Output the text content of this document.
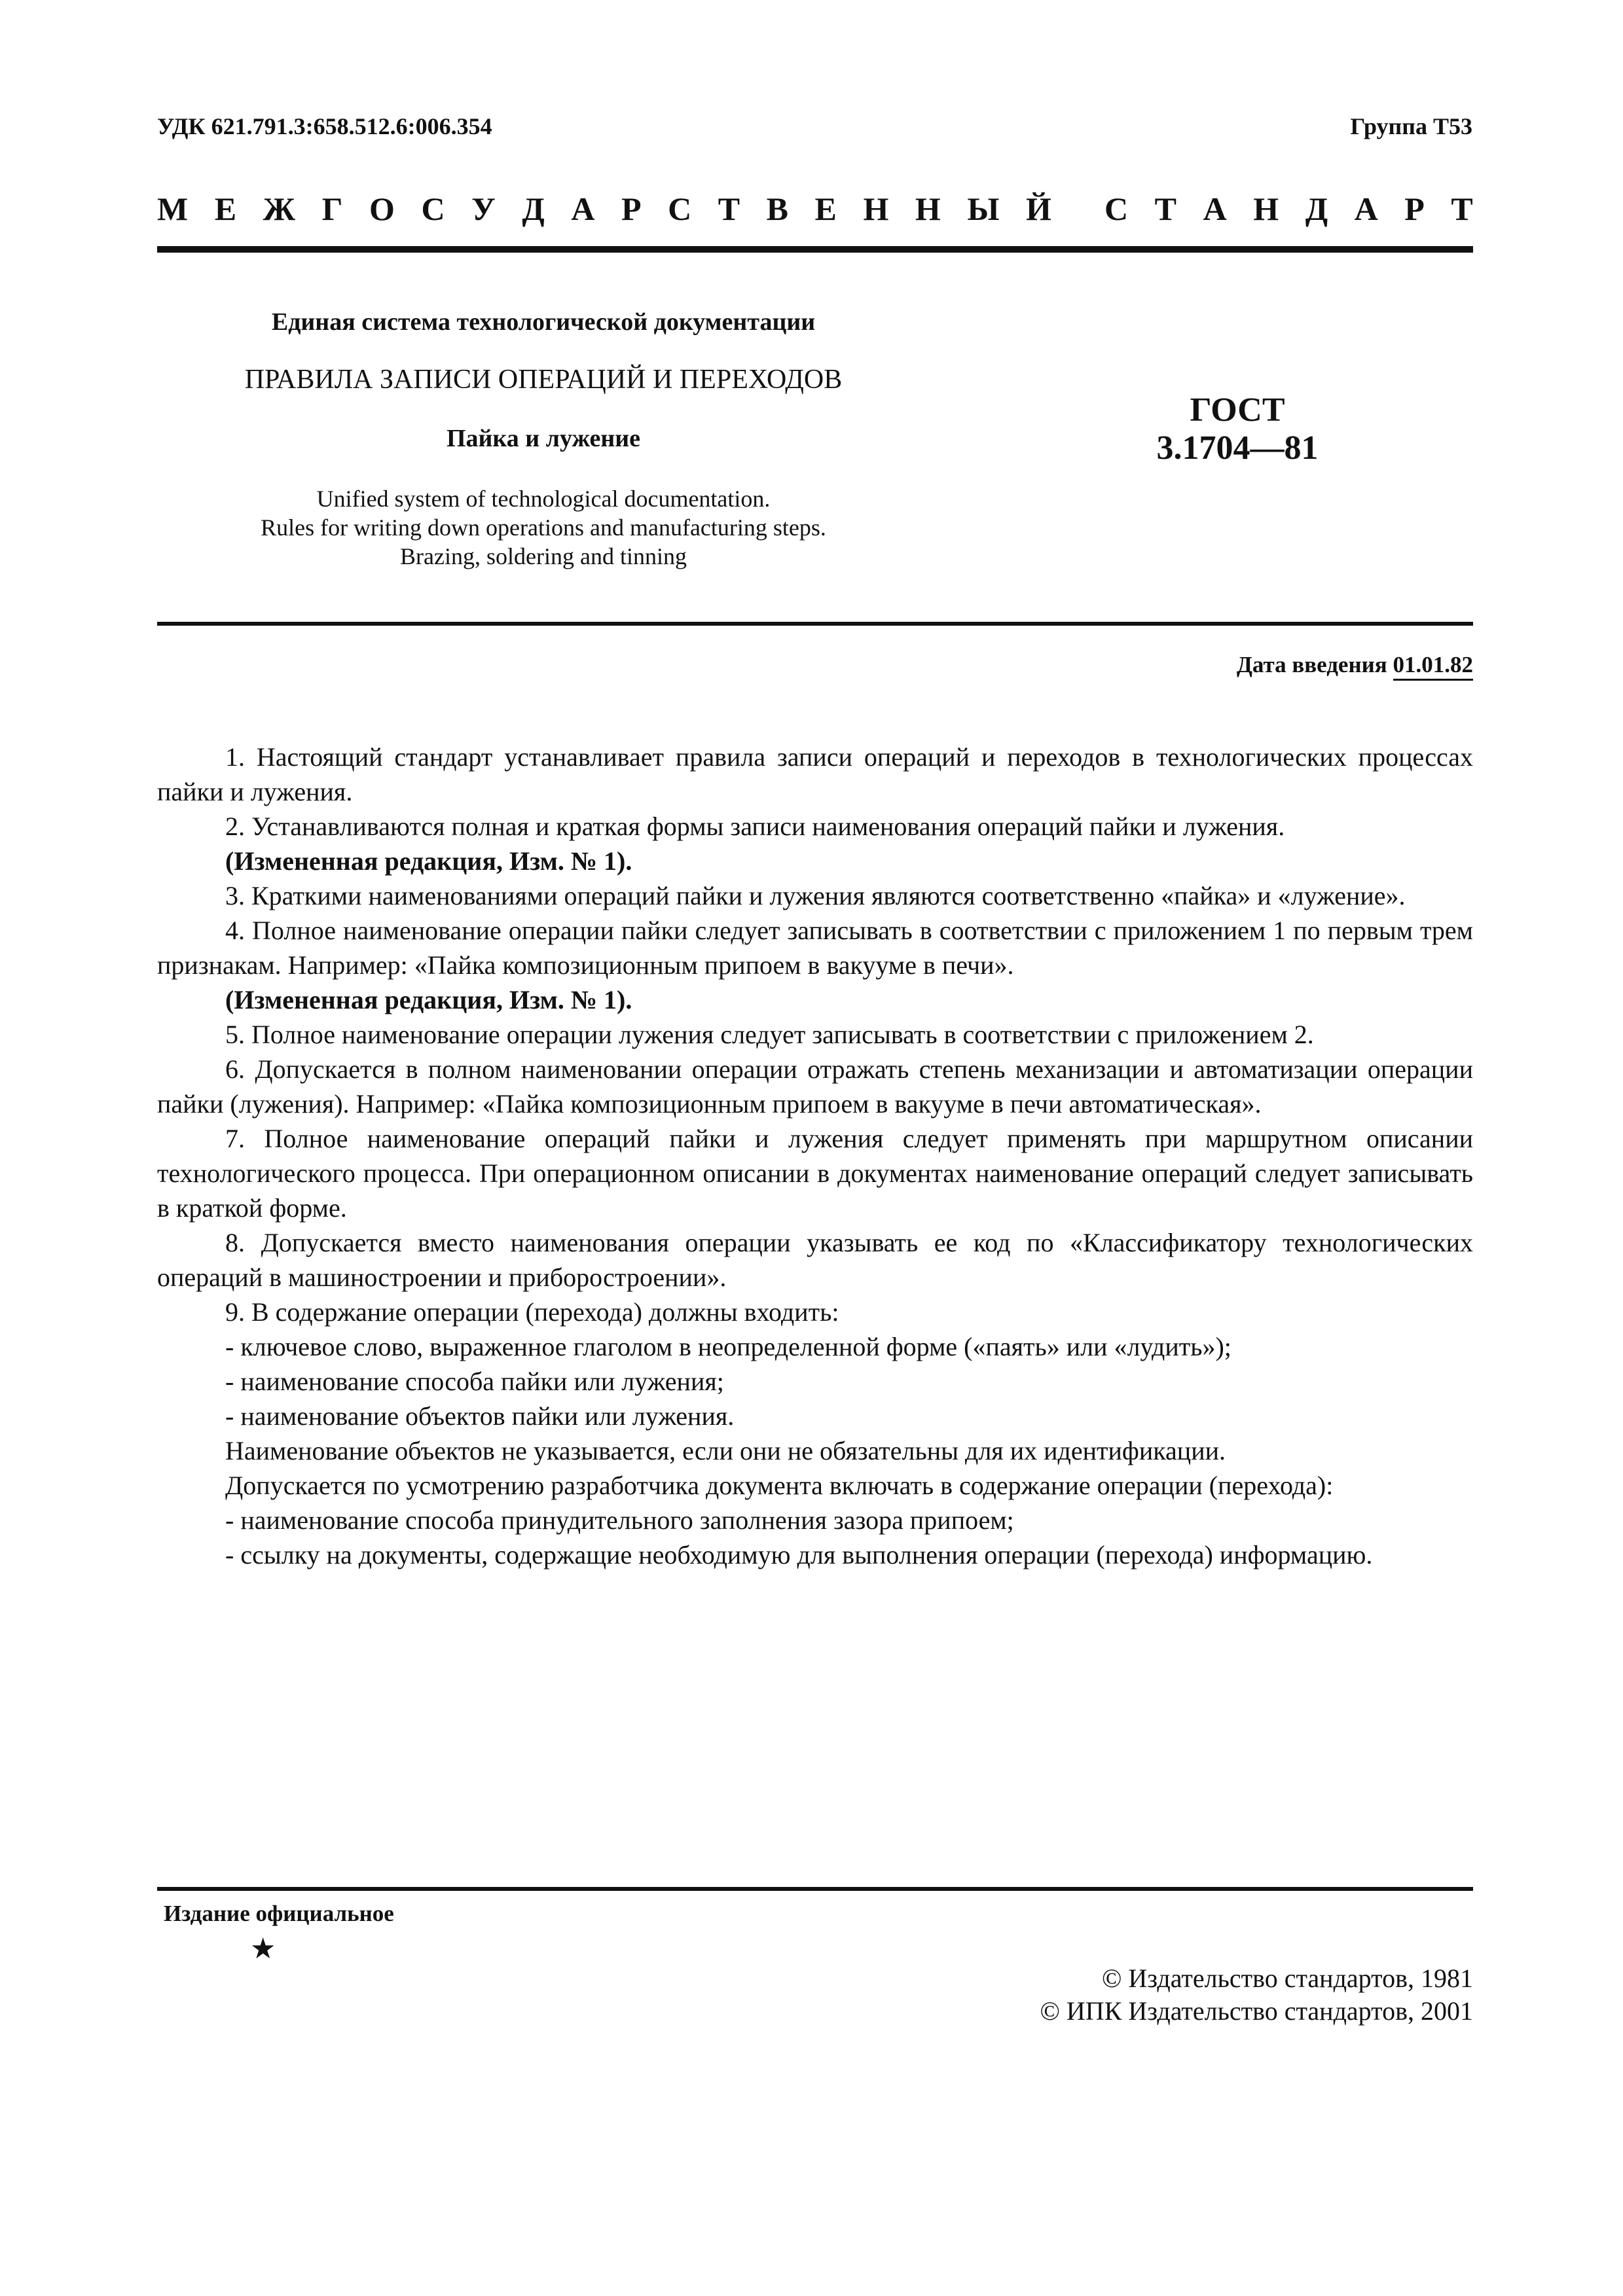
УДК 621.791.3:658.512.6:006.354	Группа Т53
М Е Ж Г О С У Д А Р С Т В Е Н Н Ы Й С Т А Н Д А Р Т
Единая система технологической документации
ПРАВИЛА ЗАПИСИ ОПЕРАЦИЙ И ПЕРЕХОДОВ
Пайка и лужение
Unified system of technological documentation.
Rules for writing down operations and manufacturing steps.
Brazing, soldering and tinning
ГОСТ
3.1704—81
Дата введения 01.01.82

1. Настоящий стандарт устанавливает правила записи операций и переходов в технологических процессах пайки и лужения.

2. Устанавливаются полная и краткая формы записи наименования операций пайки и лужения.

(Измененная редакция, Изм. № 1).

3. Краткими наименованиями операций пайки и лужения являются соответственно «пайка» и «лужение».

4. Полное наименование операции пайки следует записывать в соответствии с приложением 1 по первым трем признакам. Например: «Пайка композиционным припоем в вакууме в печи».

(Измененная редакция, Изм. № 1).

5. Полное наименование операции лужения следует записывать в соответствии с приложением 2.

6. Допускается в полном наименовании операции отражать степень механизации и автоматизации операции пайки (лужения). Например: «Пайка композиционным припоем в вакууме в печи автоматическая».

7. Полное наименование операций пайки и лужения следует применять при маршрутном описании технологического процесса. При операционном описании в документах наименование операций следует записывать в краткой форме.

8. Допускается вместо наименования операции указывать ее код по «Классификатору технологических операций в машиностроении и приборостроении».

9. В содержание операции (перехода) должны входить:

- ключевое слово, выраженное глаголом в неопределенной форме («паять» или «лудить»);

- наименование способа пайки или лужения;

- наименование объектов пайки или лужения.

Наименование объектов не указывается, если они не обязательны для их идентификации.

Допускается по усмотрению разработчика документа включать в содержание операции (перехода):

- наименование способа принудительного заполнения зазора припоем;

- ссылку на документы, содержащие необходимую для выполнения операции (перехода) информацию.

Издание официальное
★
© Издательство стандартов, 1981
© ИПК Издательство стандартов, 2001
